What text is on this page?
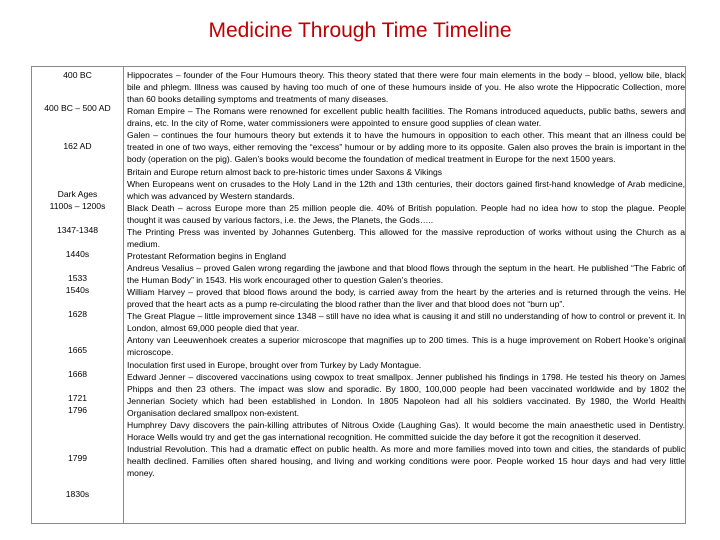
Medicine Through Time Timeline
400 BC
400 BC – 500 AD
162 AD
Dark Ages
1100s – 1200s
1347-1348
1440s
1533
1540s
1628
1665
1668
1721
1796
1799
1830s

Hippocrates – founder of the Four Humours theory. This theory stated that there were four main elements in the body – blood, yellow bile, black bile and phlegm. Illness was caused by having too much of one of these humours inside of you. He also wrote the Hippocratic Collection, more than 60 books detailing symptoms and treatments of many diseases.

Roman Empire – The Romans were renowned for excellent public health facilities. The Romans introduced aqueducts, public baths, sewers and drains, etc. In the city of Rome, water commissioners were appointed to ensure good supplies of clean water.

Galen – continues the four humours theory but extends it to have the humours in opposition to each other. This meant that an illness could be treated in one of two ways, either removing the “excess” humour or by adding more to its opposite. Galen also proves the brain is important in the body (operation on the pig). Galen’s books would become the foundation of medical treatment in Europe for the next 1500 years.

Britain and Europe return almost back to pre-historic times under Saxons & Vikings

When Europeans went on crusades to the Holy Land in the 12th and 13th centuries, their doctors gained first-hand knowledge of Arab medicine, which was advanced by Western standards.

Black Death – across Europe more than 25 million people die. 40% of British population. People had no idea how to stop the plague. People thought it was caused by various factors, i.e. the Jews, the Planets, the Gods…..

The Printing Press was invented by Johannes Gutenberg. This allowed for the massive reproduction of works without using the Church as a medium.

Protestant Reformation begins in England

Andreus Vesalius – proved Galen wrong regarding the jawbone and that blood flows through the septum in the heart. He published “The Fabric of the Human Body” in 1543. His work encouraged other to question Galen’s theories.

William Harvey – proved that blood flows around the body, is carried away from the heart by the arteries and is returned through the veins. He proved that the heart acts as a pump re-circulating the blood rather than the liver and that blood does not “burn up”.

The Great Plague – little improvement since 1348 – still have no idea what is causing it and still no understanding of how to control or prevent it. In London, almost 69,000 people died that year.

Antony van Leeuwenhoek creates a superior microscope that magnifies up to 200 times. This is a huge improvement on Robert Hooke’s original microscope.

Inoculation first used in Europe, brought over from Turkey by Lady Montague.

Edward Jenner – discovered vaccinations using cowpox to treat smallpox. Jenner published his findings in 1798. He tested his theory on James Phipps and then 23 others. The impact was slow and sporadic. By 1800, 100,000 people had been vaccinated worldwide and by 1802 the Jennerian Society which had been established in London. In 1805 Napoleon had all his soldiers vaccinated. By 1980, the World Health Organisation declared smallpox non-existent.

Humphrey Davy discovers the pain-killing attributes of Nitrous Oxide (Laughing Gas). It would become the main anaesthetic used in Dentistry. Horace Wells would try and get the gas international recognition. He committed suicide the day before it got the recognition it deserved.

Industrial Revolution. This had a dramatic effect on public health. As more and more families moved into town and cities, the standards of public health declined. Families often shared housing, and living and working conditions were poor. People worked 15 hour days and had very little money.
